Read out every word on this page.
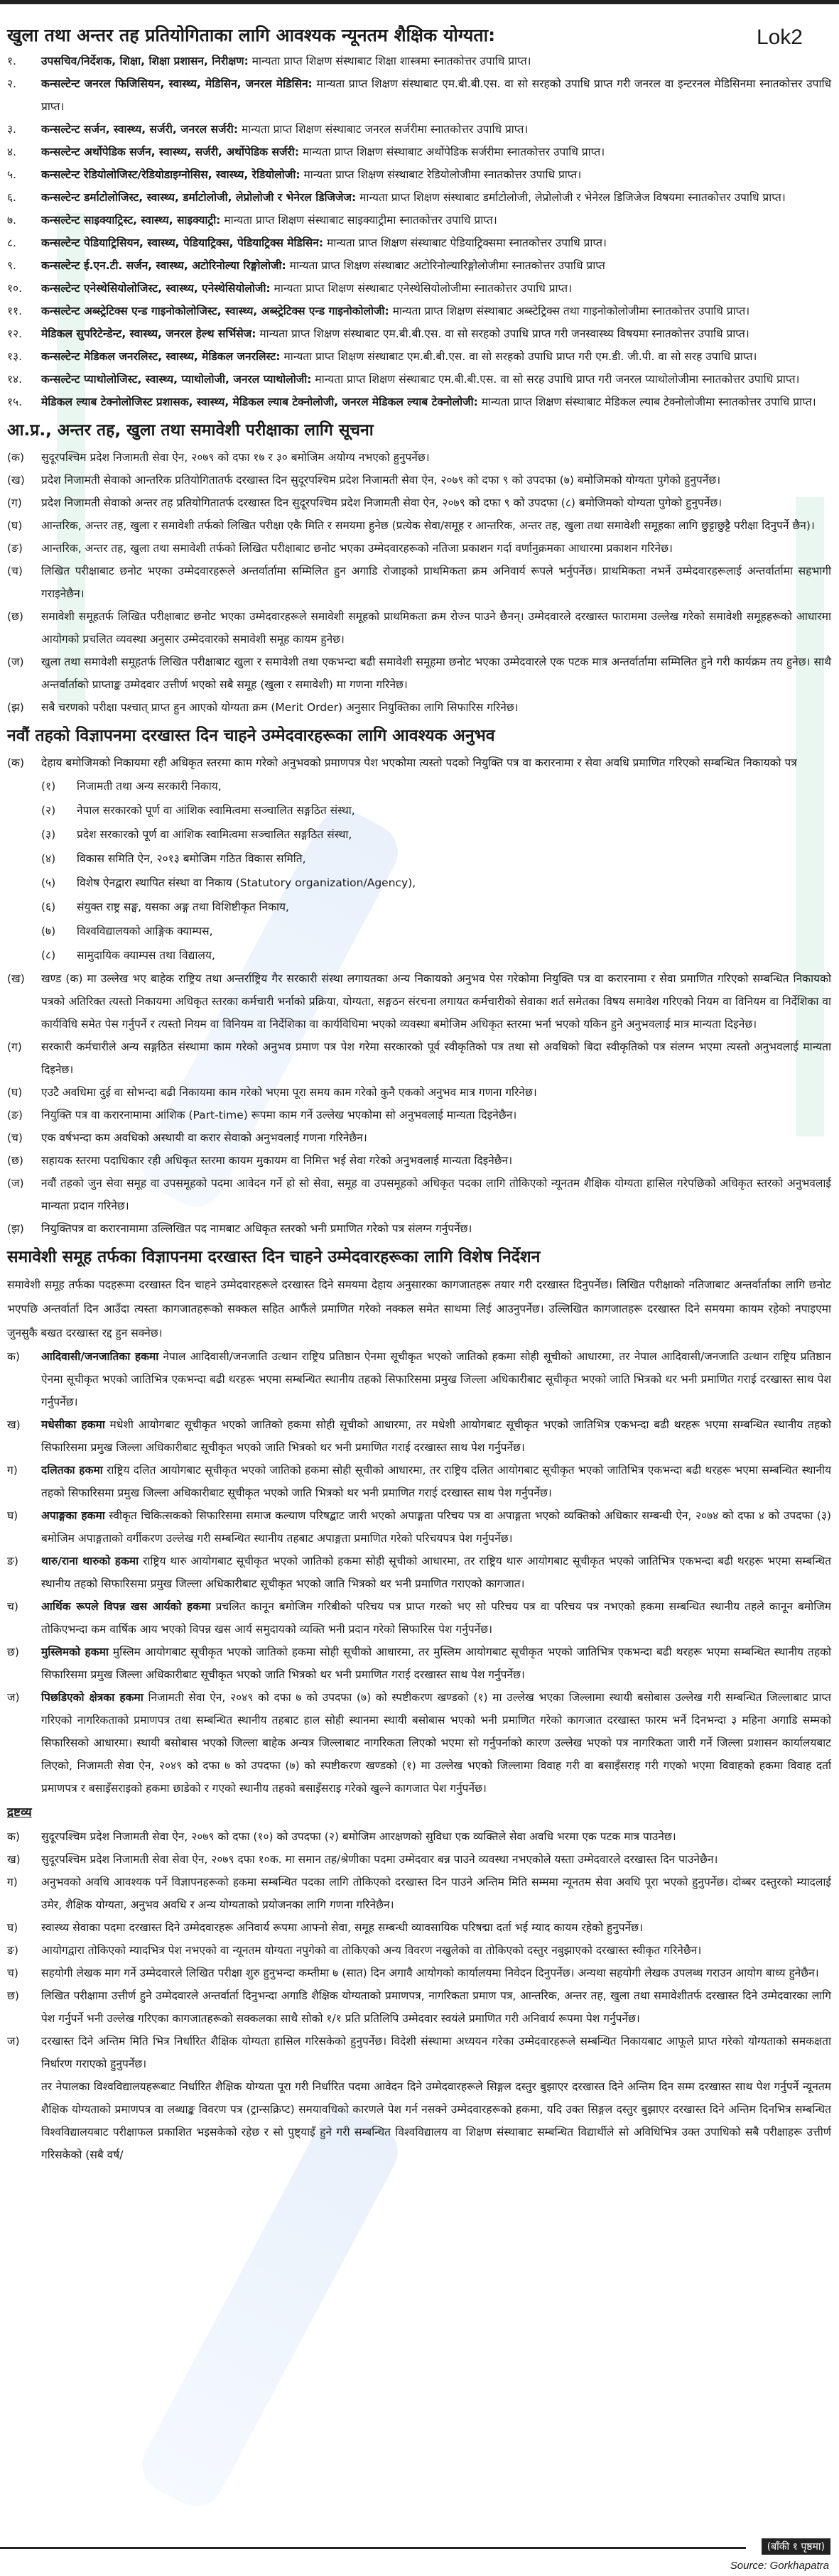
खुला तथा अन्तर तह प्रतियोगिताका लागि आवश्यक न्यूनतम शैक्षिक योग्यता:	Lok2
१.	उपसचिव/निर्देशक, शिक्षा, शिक्षा प्रशासन, निरीक्षण: मान्यता प्राप्त शिक्षण संस्थाबाट शिक्षा शास्त्रमा स्नातकोत्तर उपाधि प्राप्त।
२.	कन्सल्टेन्ट जनरल फिजिसियन, स्वास्थ्य, मेडिसिन, जनरल मेडिसिन: मान्यता प्राप्त शिक्षण संस्थाबाट एम.बी.बी.एस. वा सो सरहको उपाधि प्राप्त गरी जनरल वा इन्टरनल मेडिसिनमा स्नातकोत्तर उपाधि प्राप्त।
३.	कन्सल्टेन्ट सर्जन, स्वास्थ्य, सर्जरी, जनरल सर्जरी: मान्यता प्राप्त शिक्षण संस्थाबाट जनरल सर्जरीमा स्नातकोत्तर उपाधि प्राप्त।
४.	कन्सल्टेन्ट अर्थोपेडिक सर्जन, स्वास्थ्य, सर्जरी, अर्थोपेडिक सर्जरी: मान्यता प्राप्त शिक्षण संस्थाबाट अर्थोपेडिक सर्जरीमा स्नातकोत्तर उपाधि प्राप्त।
५.	कन्सल्टेन्ट रेडियोलोजिस्ट/रेडियोडाइग्नोसिस, स्वास्थ्य, रेडियोलोजी: मान्यता प्राप्त शिक्षण संस्थाबाट रेडियोलोजीमा स्नातकोत्तर उपाधि प्राप्त।
६.	कन्सल्टेन्ट डर्माटोलोजिस्ट, स्वास्थ्य, डर्माटोलोजी, लेप्रोलोजी र भेनेरल डिजिजेज: मान्यता प्राप्त शिक्षण संस्थाबाट डर्माटोलोजी, लेप्रोलोजी र भेनेरल डिजिजेज विषयमा स्नातकोत्तर उपाधि प्राप्त।
७.	कन्सल्टेन्ट साइक्याट्रिस्ट, स्वास्थ्य, साइक्याट्री: मान्यता प्राप्त शिक्षण संस्थाबाट साइक्याट्रीमा स्नातकोत्तर उपाधि प्राप्त।
८.	कन्सल्टेन्ट पेडियाट्रिसियन, स्वास्थ्य, पेडियाट्रिक्स, पेडियाट्रिक्स मेडिसिन: मान्यता प्राप्त शिक्षण संस्थाबाट पेडियाट्रिक्समा स्नातकोत्तर उपाधि प्राप्त।
९.	कन्सल्टेन्ट ई.एन.टी. सर्जन, स्वास्थ्य, अटोरिनोल्या रिङ्गोलोजी: मान्यता प्राप्त शिक्षण संस्थाबाट अटोरिनोल्यारिङ्गोलोजीमा स्नातकोत्तर उपाधि प्राप्त
१०.	कन्सल्टेन्ट एनेस्थेसियोलोजिस्ट, स्वास्थ्य, एनेस्थेसियोलोजी: मान्यता प्राप्त शिक्षण संस्थाबाट एनेस्थेसियोलोजीमा स्नातकोत्तर उपाधि प्राप्त।
११.	कन्सल्टेन्ट अब्स्ट्रेटिक्स एन्ड गाइनोकोलोजिस्ट, स्वास्थ्य, अब्स्ट्रेटिक्स एन्ड गाइनोकोलोजी: मान्यता प्राप्त शिक्षण संस्थाबाट अब्स्टेट्रिक्स तथा गाइनोकोलोजीमा स्नातकोत्तर उपाधि प्राप्त।
१२.	मेडिकल सुपरिटेन्डेन्ट, स्वास्थ्य, जनरल हेल्थ सर्भिसेज: मान्यता प्राप्त शिक्षण संस्थाबाट एम.बी.बी.एस. वा सो सरहको उपाधि प्राप्त गरी जनस्वास्थ्य विषयमा स्नातकोत्तर उपाधि प्राप्त।
१३.	कन्सल्टेन्ट मेडिकल जनरलिस्ट, स्वास्थ्य, मेडिकल जनरलिस्ट: मान्यता प्राप्त शिक्षण संस्थाबाट एम.बी.बी.एस. वा सो सरहको उपाधि प्राप्त गरी एम.डी. जी.पी. वा सो सरह उपाधि प्राप्त।
१४.	कन्सल्टेन्ट प्याथोलोजिस्ट, स्वास्थ्य, प्याथोलोजी, जनरल प्याथोलोजी: मान्यता प्राप्त शिक्षण संस्थाबाट एम.बी.बी.एस. वा सो सरह उपाधि प्राप्त गरी जनरल प्याथोलोजीमा स्नातकोत्तर उपाधि प्राप्त।
१५.	मेडिकल ल्याब टेक्नोलोजिस्ट प्रशासक, स्वास्थ्य, मेडिकल ल्याब टेक्नोलोजी, जनरल मेडिकल ल्याब टेक्नोलोजी: मान्यता प्राप्त शिक्षण संस्थाबाट मेडिकल ल्याब टेक्नोलोजीमा स्नातकोत्तर उपाधि प्राप्त।
आ.प्र., अन्तर तह, खुला तथा समावेशी परीक्षाका लागि सूचना
(क)	सुदूरपश्चिम प्रदेश निजामती सेवा ऐन, २०७९ को दफा १७ र ३० बमोजिम अयोग्य नभएको हुनुपर्नेछ।
(ख)	प्रदेश निजामती सेवाको आन्तरिक प्रतियोगितातर्फ दरखास्त दिन सुदूरपश्चिम प्रदेश निजामती सेवा ऐन, २०७९ को दफा ९ को उपदफा (७) बमोजिमको योग्यता पुगेको हुनुपर्नेछ।
(ग)	प्रदेश निजामती सेवाको अन्तर तह प्रतियोगितातर्फ दरखास्त दिन सुदूरपश्चिम प्रदेश निजामती सेवा ऐन, २०७९ को दफा ९ को उपदफा (८) बमोजिमको योग्यता पुगेको हुनुपर्नेछ।
(घ)	आन्तरिक, अन्तर तह, खुला र समावेशी तर्फको लिखित परीक्षा एकै मिति र समयमा हुनेछ (प्रत्येक सेवा/समूह र आन्तरिक, अन्तर तह, खुला तथा समावेशी समूहका लागि छुट्टाछुट्टै परीक्षा दिनुपर्ने छैन)।
(ङ)	आन्तरिक, अन्तर तह, खुला तथा समावेशी तर्फको लिखित परीक्षाबाट छनोट भएका उम्मेदवारहरूको नतिजा प्रकाशन गर्दा वर्णानुक्रमका आधारमा प्रकाशन गरिनेछ।
(च)	लिखित परीक्षाबाट छनोट भएका उम्मेदवारहरूले अन्तर्वार्तामा सम्मिलित हुन अगाडि रोजाइको प्राथमिकता क्रम अनिवार्य रूपले भर्नुपर्नेछ। प्राथमिकता नभर्ने उम्मेदवारहरूलाई अन्तर्वार्तामा सहभागी गराइनेछैन।
(छ)	समावेशी समूहतर्फ लिखित परीक्षाबाट छनोट भएका उम्मेदवारहरूले समावेशी समूहको प्राथमिकता क्रम रोज्न पाउने छैनन्। उम्मेदवारले दरखास्त फाराममा उल्लेख गरेको समावेशी समूहहरूको आधारमा आयोगको प्रचलित व्यवस्था अनुसार उम्मेदवारको समावेशी समूह कायम हुनेछ।
(ज)	खुला तथा समावेशी समूहतर्फ लिखित परीक्षाबाट खुला र समावेशी तथा एकभन्दा बढी समावेशी समूहमा छनोट भएका उम्मेदवारले एक पटक मात्र अन्तर्वार्तामा सम्मिलित हुने गरी कार्यक्रम तय हुनेछ। साथै अन्तर्वार्ताको प्राप्ताङ्क उम्मेदवार उत्तीर्ण भएको सबै समूह (खुला र समावेशी) मा गणना गरिनेछ।
(झ)	सबै चरणको परीक्षा पश्चात् प्राप्त हुन आएको योग्यता क्रम (Merit Order) अनुसार नियुक्तिका लागि सिफारिस गरिनेछ।
नवौं तहको विज्ञापनमा दरखास्त दिन चाहने उम्मेदवारहरूका लागि आवश्यक अनुभव
(क)	देहाय बमोजिमको निकायमा रही अधिकृत स्तरमा काम गरेको अनुभवको प्रमाणपत्र पेश भएकोमा त्यस्तो पदको नियुक्ति पत्र वा करारनामा र सेवा अवधि प्रमाणित गरिएको सम्बन्धित निकायको पत्र
(१)	निजामती तथा अन्य सरकारी निकाय,
(२)	नेपाल सरकारको पूर्ण वा आंशिक स्वामित्वमा सञ्चालित सङ्गठित संस्था,
(३)	प्रदेश सरकारको पूर्ण वा आंशिक स्वामित्वमा सञ्चालित सङ्गठित संस्था,
(४)	विकास समिति ऐन, २०१३ बमोजिम गठित विकास समिति,
(५)	विशेष ऐनद्वारा स्थापित संस्था वा निकाय (Statutory organization/Agency),
(६)	संयुक्त राष्ट्र सङ्घ, यसका अङ्ग तथा विशिष्टीकृत निकाय,
(७)	विश्वविद्यालयको आङ्गिक क्याम्पस,
(८)	सामुदायिक क्याम्पस तथा विद्यालय,
(ख)	खण्ड (क) मा उल्लेख भए बाहेक राष्ट्रिय तथा अन्तर्राष्ट्रिय गैर सरकारी संस्था लगायतका अन्य निकायको अनुभव पेस गरेकोमा नियुक्ति पत्र वा करारनामा र सेवा प्रमाणित गरिएको सम्बन्धित निकायको पत्रको अतिरिक्त त्यस्तो निकायमा अधिकृत स्तरका कर्मचारी भर्नाको प्रक्रिया, योग्यता, सङ्गठन संरचना लगायत कर्मचारीको सेवाका शर्त समेतका विषय समावेश गरिएको नियम वा विनियम वा निर्देशिका वा कार्यविधि समेत पेस गर्नुपर्ने र त्यस्तो नियम वा विनियम वा निर्देशिका वा कार्यविधिमा भएको व्यवस्था बमोजिम अधिकृत स्तरमा भर्ना भएको यकिन हुने अनुभवलाई मात्र मान्यता दिइनेछ।
(ग)	सरकारी कर्मचारीले अन्य सङ्गठित संस्थामा काम गरेको अनुभव प्रमाण पत्र पेश गरेमा सरकारको पूर्व स्वीकृतिको पत्र तथा सो अवधिको बिदा स्वीकृतिको पत्र संलग्न भएमा त्यस्तो अनुभवलाई मान्यता दिइनेछ।
(घ)	एउटै अवधिमा दुई वा सोभन्दा बढी निकायमा काम गरेको भएमा पूरा समय काम गरेको कुनै एकको अनुभव मात्र गणना गरिनेछ।
(ङ)	नियुक्ति पत्र वा करारनामामा आंशिक (Part-time) रूपमा काम गर्ने उल्लेख भएकोमा सो अनुभवलाई मान्यता दिइनेछैन।
(च)	एक वर्षभन्दा कम अवधिको अस्थायी वा करार सेवाको अनुभवलाई गणना गरिनेछैन।
(छ)	सहायक स्तरमा पदाधिकार रही अधिकृत स्तरमा कायम मुकायम वा निमित्त भई सेवा गरेको अनुभवलाई मान्यता दिइनेछैन।
(ज)	नवौं तहको जुन सेवा समूह वा उपसमूहको पदमा आवेदन गर्ने हो सो सेवा, समूह वा उपसमूहको अधिकृत पदका लागि तोकिएको न्यूनतम शैक्षिक योग्यता हासिल गरेपछिको अधिकृत स्तरको अनुभवलाई मान्यता प्रदान गरिनेछ।
(झ)	नियुक्तिपत्र वा करारनामामा उल्लिखित पद नामबाट अधिकृत स्तरको भनी प्रमाणित गरेको पत्र संलग्न गर्नुपर्नेछ।
समावेशी समूह तर्फका विज्ञापनमा दरखास्त दिन चाहने उम्मेदवारहरूका लागि विशेष निर्देशन
समावेशी समूह तर्फका पदहरूमा दरखास्त दिन चाहने उम्मेदवारहरूले दरखास्त दिने समयमा देहाय अनुसारका कागजातहरू तयार गरी दरखास्त दिनुपर्नेछ। लिखित परीक्षाको नतिजाबाट अन्तर्वार्ताका लागि छनोट भएपछि अन्तर्वार्ता दिन आउँदा त्यस्ता कागजातहरूको सक्कल सहित आफैंले प्रमाणित गरेको नक्कल समेत साथमा लिई आउनुपर्नेछ। उल्लिखित कागजातहरू दरखास्त दिने समयमा कायम रहेको नपाइएमा जुनसुकै बखत दरखास्त रद्द हुन सक्नेछ।
क)	आदिवासी/जनजातिका हकमा नेपाल आदिवासी/जनजाति उत्थान राष्ट्रिय प्रतिष्ठान ऐनमा सूचीकृत भएको जातिको हकमा सोही सूचीको आधारमा, तर नेपाल आदिवासी/जनजाति उत्थान राष्ट्रिय प्रतिष्ठान ऐनमा सूचीकृत भएको जातिभित्र एकभन्दा बढी थरहरू भएमा सम्बन्धित स्थानीय तहको सिफारिसमा प्रमुख जिल्ला अधिकारीबाट सूचीकृत भएको जाति भित्रको थर भनी प्रमाणित गराई दरखास्त साथ पेश गर्नुपर्नेछ।
ख)	मधेसीका हकमा मधेशी आयोगबाट सूचीकृत भएको जातिको हकमा सोही सूचीको आधारमा, तर मधेशी आयोगबाट सूचीकृत भएको जातिभित्र एकभन्दा बढी थरहरू भएमा सम्बन्धित स्थानीय तहको सिफारिसमा प्रमुख जिल्ला अधिकारीबाट सूचीकृत भएको जाति भित्रको थर भनी प्रमाणित गराई दरखास्त साथ पेश गर्नुपर्नेछ।
ग)	दलितका हकमा राष्ट्रिय दलित आयोगबाट सूचीकृत भएको जातिको हकमा सोही सूचीको आधारमा, तर राष्ट्रिय दलित आयोगबाट सूचीकृत भएको जातिभित्र एकभन्दा बढी थरहरू भएमा सम्बन्धित स्थानीय तहको सिफारिसमा प्रमुख जिल्ला अधिकारीबाट सूचीकृत भएको जाति भित्रको थर भनी प्रमाणित गराई दरखास्त साथ पेश गर्नुपर्नेछ।
घ)	अपाङ्गका हकमा स्वीकृत चिकित्सकको सिफारिसमा समाज कल्याण परिषद्बाट जारी भएको अपाङ्गता परिचय पत्र वा अपाङ्गता भएको व्यक्तिको अधिकार सम्बन्धी ऐन, २०७४ को दफा ४ को उपदफा (३) बमोजिम अपाङ्गताको वर्गीकरण उल्लेख गरी सम्बन्धित स्थानीय तहबाट अपाङ्गता प्रमाणित गरेको परिचयपत्र पेश गर्नुपर्नेछ।
ङ)	थारु/राना थारुको हकमा राष्ट्रिय थारु आयोगबाट सूचीकृत भएको जातिको हकमा सोही सूचीको आधारमा, तर राष्ट्रिय थारु आयोगबाट सूचीकृत भएको जातिभित्र एकभन्दा बढी थरहरू भएमा सम्बन्धित स्थानीय तहको सिफारिसमा प्रमुख जिल्ला अधिकारीबाट सूचीकृत भएको जाति भित्रको थर भनी प्रमाणित गराएको कागजात।
च)	आर्थिक रूपले विपन्न खस आर्यको हकमा प्रचलित कानून बमोजिम गरिबीको परिचय पत्र प्राप्त गरको भए सो परिचय पत्र वा परिचय पत्र नभएको हकमा सम्बन्धित स्थानीय तहले कानून बमोजिम तोकिएभन्दा कम वार्षिक आय भएको विपन्न खस आर्य समुदायको व्यक्ति भनी प्रदान गरेको सिफारिस पेश गर्नुपर्नेछ।
छ)	मुस्लिमको हकमा मुस्लिम आयोगबाट सूचीकृत भएको जातिको हकमा सोही सूचीको आधारमा, तर मुस्लिम आयोगबाट सूचीकृत भएको जातिभित्र एकभन्दा बढी थरहरू भएमा सम्बन्धित स्थानीय तहको सिफारिसमा प्रमुख जिल्ला अधिकारीबाट सूचीकृत भएको जाति भित्रको थर भनी प्रमाणित गराई दरखास्त साथ पेश गर्नुपर्नेछ।
ज)	पिछडिएको क्षेत्रका हकमा निजामती सेवा ऐन, २०४९ को दफा ७ को उपदफा (७) को स्पष्टीकरण खण्डको (१) मा उल्लेख भएका जिल्लामा स्थायी बसोबास उल्लेख गरी सम्बन्धित जिल्लाबाट प्राप्त गरिएको नागरिकताको प्रमाणपत्र तथा सम्बन्धित स्थानीय तहबाट हाल सोही स्थानमा स्थायी बसोबास भएको भनी प्रमाणित गरेको कागजात दरखास्त फारम भर्ने दिनभन्दा ३ महिना अगाडि सम्मको सिफारिसको आधारमा। स्थायी बसोबास भएको जिल्ला बाहेक अन्यत्र जिल्लाबाट नागरिकता लिएको भएमा सो गर्नुपर्नाको कारण उल्लेख भएको पत्र नागरिकता जारी गर्ने जिल्ला प्रशासन कार्यालयबाट लिएको, निजामती सेवा ऐन, २०४९ को दफा ७ को उपदफा (७) को स्पष्टीकरण खण्डको (१) मा उल्लेख भएको जिल्लामा विवाह गरी वा बसाइँसराइ गरी गएको भएमा विवाहको हकमा विवाह दर्ता प्रमाणपत्र र बसाइँसराइको हकमा छाडेको र गएको स्थानीय तहको बसाइँसराइ गरेको खुल्ने कागजात पेश गर्नुपर्नेछ।
द्रष्टव्य
क)	सुदूरपश्चिम प्रदेश निजामती सेवा ऐन, २०७९ को दफा (१०) को उपदफा (२) बमोजिम आरक्षणको सुविधा एक व्यक्तिले सेवा अवधि भरमा एक पटक मात्र पाउनेछ।
ख)	सुदूरपश्चिम प्रदेश निजामती सेवा सेवा ऐन, २०७९ दफा १०क. मा समान तह/श्रेणीका पदमा उम्मेदवार बन्न पाउने व्यवस्था नभएकोले यस्ता उम्मेदवारले दरखास्त दिन पाउनेछैन।
ग)	अनुभवको अवधि आवश्यक पर्ने विज्ञापनहरूको हकमा सम्बन्धित पदका लागि तोकिएको दरखास्त दिन पाउने अन्तिम मिति सम्ममा न्यूनतम सेवा अवधि पूरा भएको हुनुपर्नेछ। दोब्बर दस्तुरको म्यादलाई उमेर, शैक्षिक योग्यता, अनुभव अवधि र अन्य योग्यताको प्रयोजनका लागि गणना गरिनेछैन।
घ)	स्वास्थ्य सेवाका पदमा दरखास्त दिने उम्मेदवारहरू अनिवार्य रूपमा आफ्नो सेवा, समूह सम्बन्धी व्यावसायिक परिषद्मा दर्ता भई म्याद कायम रहेको हुनुपर्नेछ।
ङ)	आयोगद्वारा तोकिएको म्यादभित्र पेश नभएको वा न्यूनतम योग्यता नपुगेको वा तोकिएको अन्य विवरण नखुलेको वा तोकिएको दस्तुर नबुझाएको दरखास्त स्वीकृत गरिनेछैन।
च)	सहयोगी लेखक माग गर्ने उम्मेदवारले लिखित परीक्षा शुरु हुनुभन्दा कम्तीमा ७ (सात) दिन अगावै आयोगको कार्यालयमा निवेदन दिनुपर्नेछ। अन्यथा सहयोगी लेखक उपलब्ध गराउन आयोग बाध्य हुनेछैन।
छ)	लिखित परीक्षामा उत्तीर्ण हुने उम्मेदवारले अन्तर्वार्ता दिनुभन्दा अगाडि शैक्षिक योग्यताको प्रमाणपत्र, नागरिकता प्रमाण पत्र, आन्तरिक, अन्तर तह, खुला तथा समावेशीतर्फ दरखास्त दिने उम्मेदवारका लागि पेश गर्नुपर्ने भनी उल्लेख गरिएका कागजातहरूको सक्कलका साथै सोको १/१ प्रति प्रतिलिपि उम्मेदवार स्वयंले प्रमाणित गरी अनिवार्य रूपमा पेश गर्नुपर्नेछ।
ज)	दरखास्त दिने अन्तिम मिति भित्र निर्धारित शैक्षिक योग्यता हासिल गरिसकेको हुनुपर्नेछ। विदेशी संस्थामा अध्ययन गरेका उम्मेदवारहरूले सम्बन्धित निकायबाट आफूले प्राप्त गरेको योग्यताको समकक्षता निर्धारण गराएको हुनुपर्नेछ।
तर नेपालका विश्वविद्यालयहरूबाट निर्धारित शैक्षिक योग्यता पूरा गरी निर्धारित पदमा आवेदन दिने उम्मेदवारहरूले सिङ्गल दस्तुर बुझाएर दरखास्त दिने अन्तिम दिन सम्म दरखास्त साथ पेश गर्नुपर्ने न्यूनतम शैक्षिक योग्यताको प्रमाणपत्र वा लब्धाङ्क विवरण पत्र (ट्रान्सक्रिप्ट) समयावधिको कारणले पेश गर्न नसक्ने उम्मेदवारहरूको हकमा, यदि उक्त सिङ्गल दस्तुर बुझाएर दरखास्त दिने अन्तिम दिनभित्र सम्बन्धित विश्वविद्यालयबाट परीक्षाफल प्रकाशित भइसकेको रहेछ र सो पुष्ट्याइँ हुने गरी सम्बन्धित विश्वविद्यालय वा शिक्षण संस्थाबाट सम्बन्धित विद्यार्थीले सो अविधिभित्र उक्त उपाधिको सबै परीक्षाहरू उत्तीर्ण गरिसकेको (सबै वर्ष/
(बाँकी १ पृष्ठमा)
Source: Gorkhapatra
